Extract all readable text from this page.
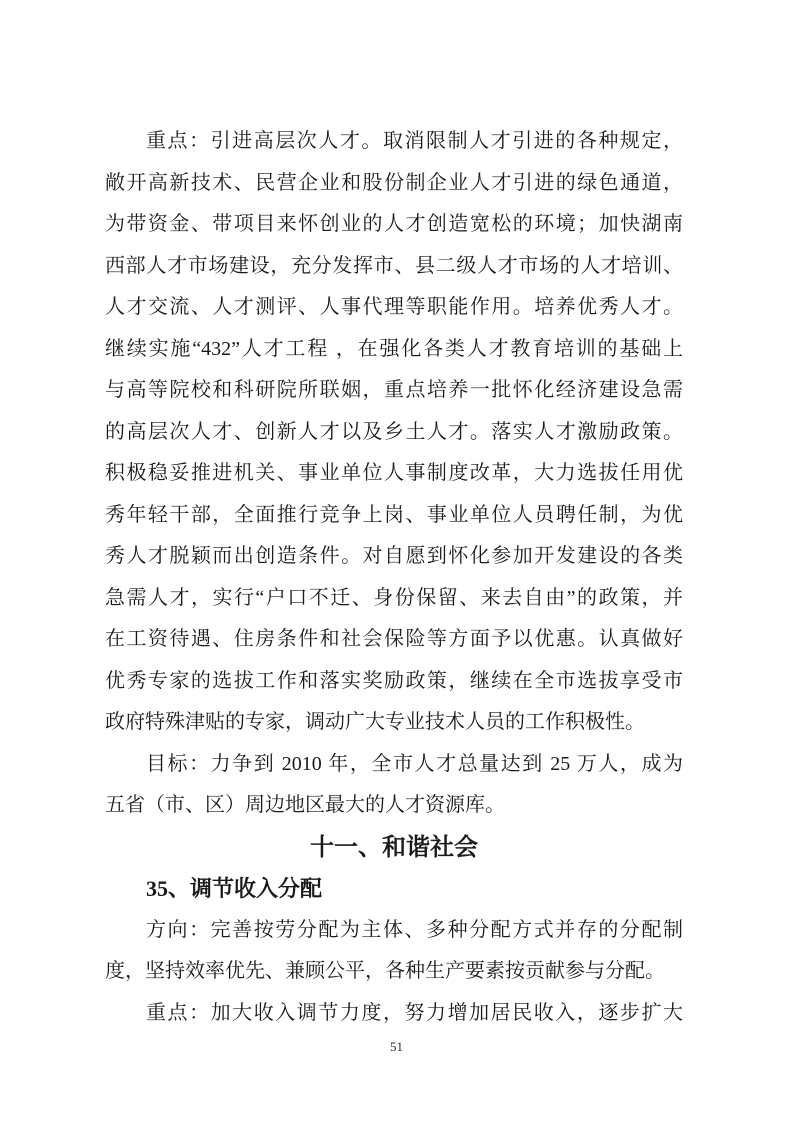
重点：引进高层次人才。取消限制人才引进的各种规定，
敞开高新技术、民营企业和股份制企业人才引进的绿色通道，
为带资金、带项目来怀创业的人才创造宽松的环境；加快湖南
西部人才市场建设，充分发挥市、县二级人才市场的人才培训、
人才交流、人才测评、人事代理等职能作用。培养优秀人才。
继续实施“432”人才工程 ，在强化各类人才教育培训的基础上
与高等院校和科研院所联姻，重点培养一批怀化经济建设急需
的高层次人才、创新人才以及乡土人才。落实人才激励政策。
积极稳妥推进机关、事业单位人事制度改革，大力选拔任用优
秀年轻干部，全面推行竞争上岗、事业单位人员聘任制，为优
秀人才脱颖而出创造条件。对自愿到怀化参加开发建设的各类
急需人才，实行“户口不迁、身份保留、来去自由”的政策，并
在工资待遇、住房条件和社会保险等方面予以优惠。认真做好
优秀专家的选拔工作和落实奖励政策，继续在全市选拔享受市
政府特殊津贴的专家，调动广大专业技术人员的工作积极性。
目标：力争到 2010 年，全市人才总量达到 25 万人，成为
五省（市、区）周边地区最大的人才资源库。
十一、和谐社会
35、调节收入分配
方向：完善按劳分配为主体、多种分配方式并存的分配制
度，坚持效率优先、兼顾公平，各种生产要素按贡献参与分配。
重点：加大收入调节力度，努力增加居民收入，逐步扩大
51
